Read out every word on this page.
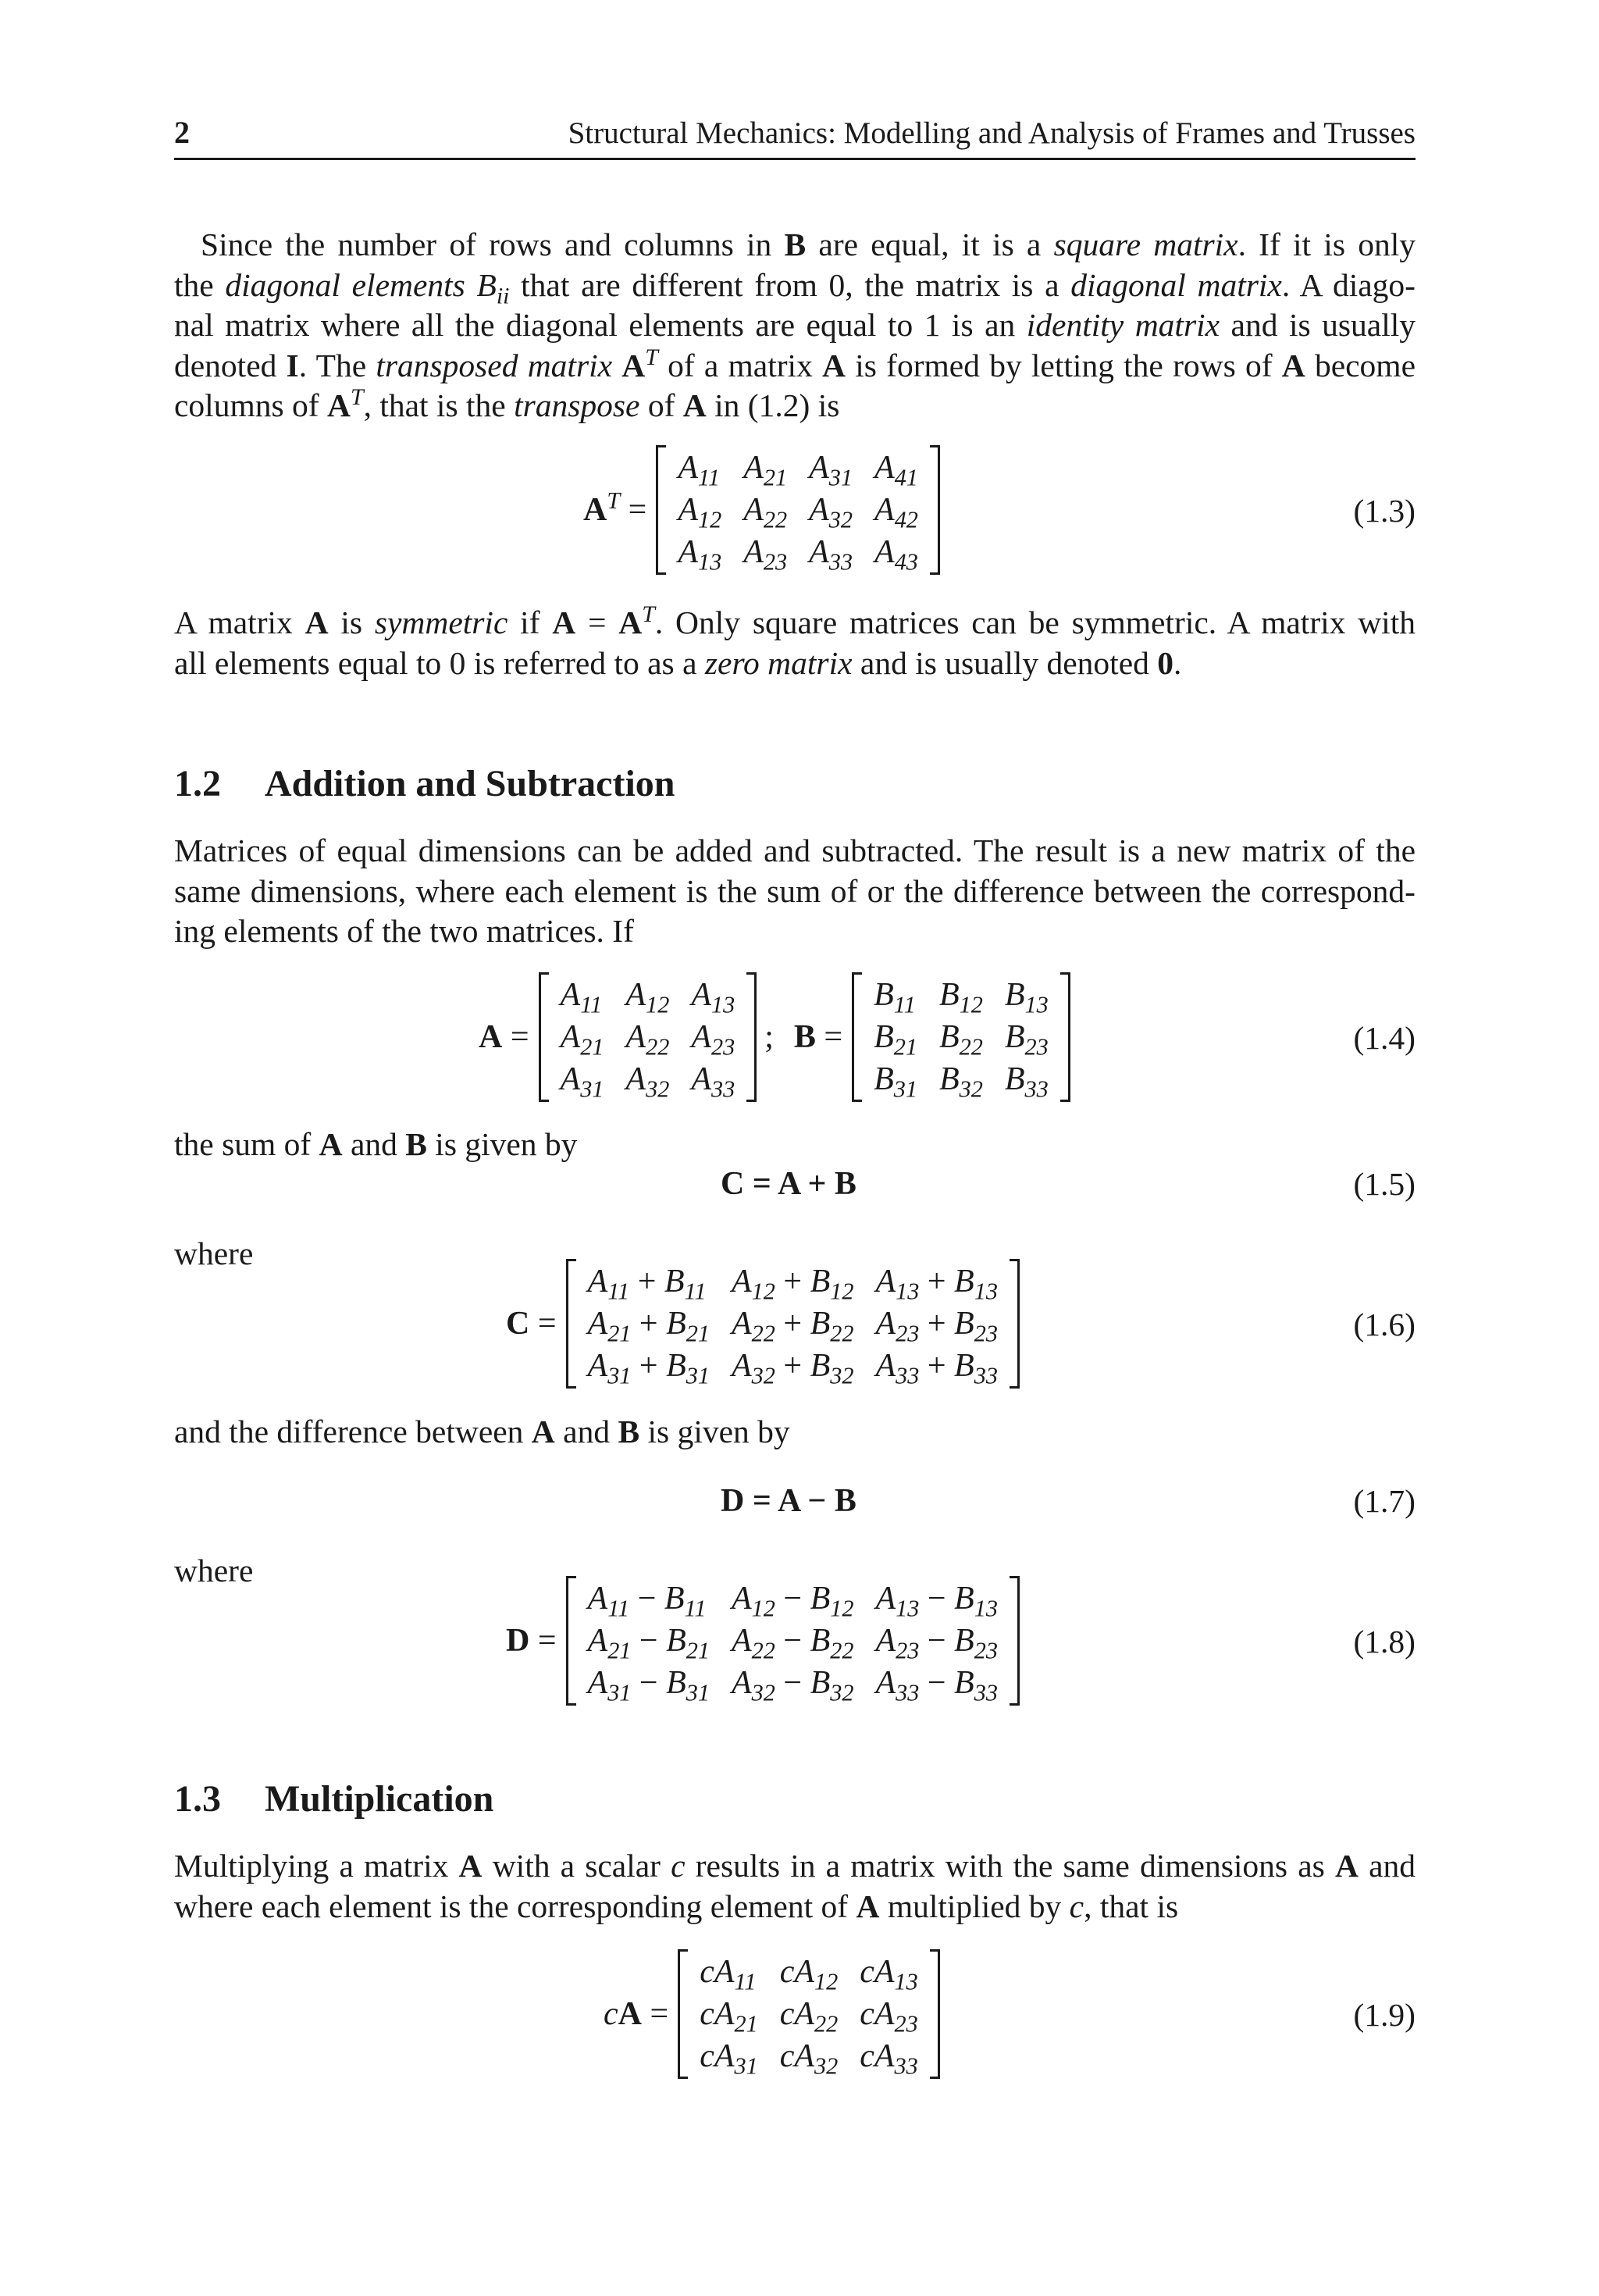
2	Structural Mechanics: Modelling and Analysis of Frames and Trusses

Since the number of rows and columns in B are equal, it is a square matrix. If it is only
the diagonal elements $B_{ii}$ that are different from 0, the matrix is a diagonal matrix. A diago-
nal matrix where all the diagonal elements are equal to 1 is an identity matrix and is usually
denoted I. The transposed matrix $A^T$ of a matrix A is formed by letting the rows of A become
columns of $A^T$, that is the transpose of A in (1.2) is

$A^T$ =
$A_{11}$	$A_{21}$	$A_{31}$	$A_{41}$
$A_{12}$	$A_{22}$	$A_{32}$	$A_{42}$
$A_{13}$	$A_{23}$	$A_{33}$	$A_{43}$
(1.3)

A matrix A is symmetric if $A = A^T$. Only square matrices can be symmetric. A matrix with
all elements equal to 0 is referred to as a zero matrix and is usually denoted 0.

1.2 Addition and Subtraction

Matrices of equal dimensions can be added and subtracted. The result is a new matrix of the
same dimensions, where each element is the sum of or the difference between the correspond-
ing elements of the two matrices. If

A =
$A_{11}$	$A_{12}$	$A_{13}$
$A_{21}$	$A_{22}$	$A_{23}$
$A_{31}$	$A_{32}$	$A_{33}$
; B =
$B_{11}$	$B_{12}$	$B_{13}$
$B_{21}$	$B_{22}$	$B_{23}$
$B_{31}$	$B_{32}$	$B_{33}$
(1.4)

the sum of A and B is given by

C = A + B	(1.5)

where

C =
$A_{11} + B_{11}$	$A_{12} + B_{12}$	$A_{13} + B_{13}$
$A_{21} + B_{21}$	$A_{22} + B_{22}$	$A_{23} + B_{23}$
$A_{31} + B_{31}$	$A_{32} + B_{32}$	$A_{33} + B_{33}$
(1.6)

and the difference between A and B is given by

D = A − B	(1.7)

where

D =
$A_{11} - B_{11}$	$A_{12} - B_{12}$	$A_{13} - B_{13}$
$A_{21} - B_{21}$	$A_{22} - B_{22}$	$A_{23} - B_{23}$
$A_{31} - B_{31}$	$A_{32} - B_{32}$	$A_{33} - B_{33}$
(1.8)
1.3 Multiplication

Multiplying a matrix A with a scalar c results in a matrix with the same dimensions as A and
where each element is the corresponding element of A multiplied by c, that is

cA =
$cA_{11}$	$cA_{12}$	$cA_{13}$
$cA_{21}$	$cA_{22}$	$cA_{23}$
$cA_{31}$	$cA_{32}$	$cA_{33}$
(1.9)
